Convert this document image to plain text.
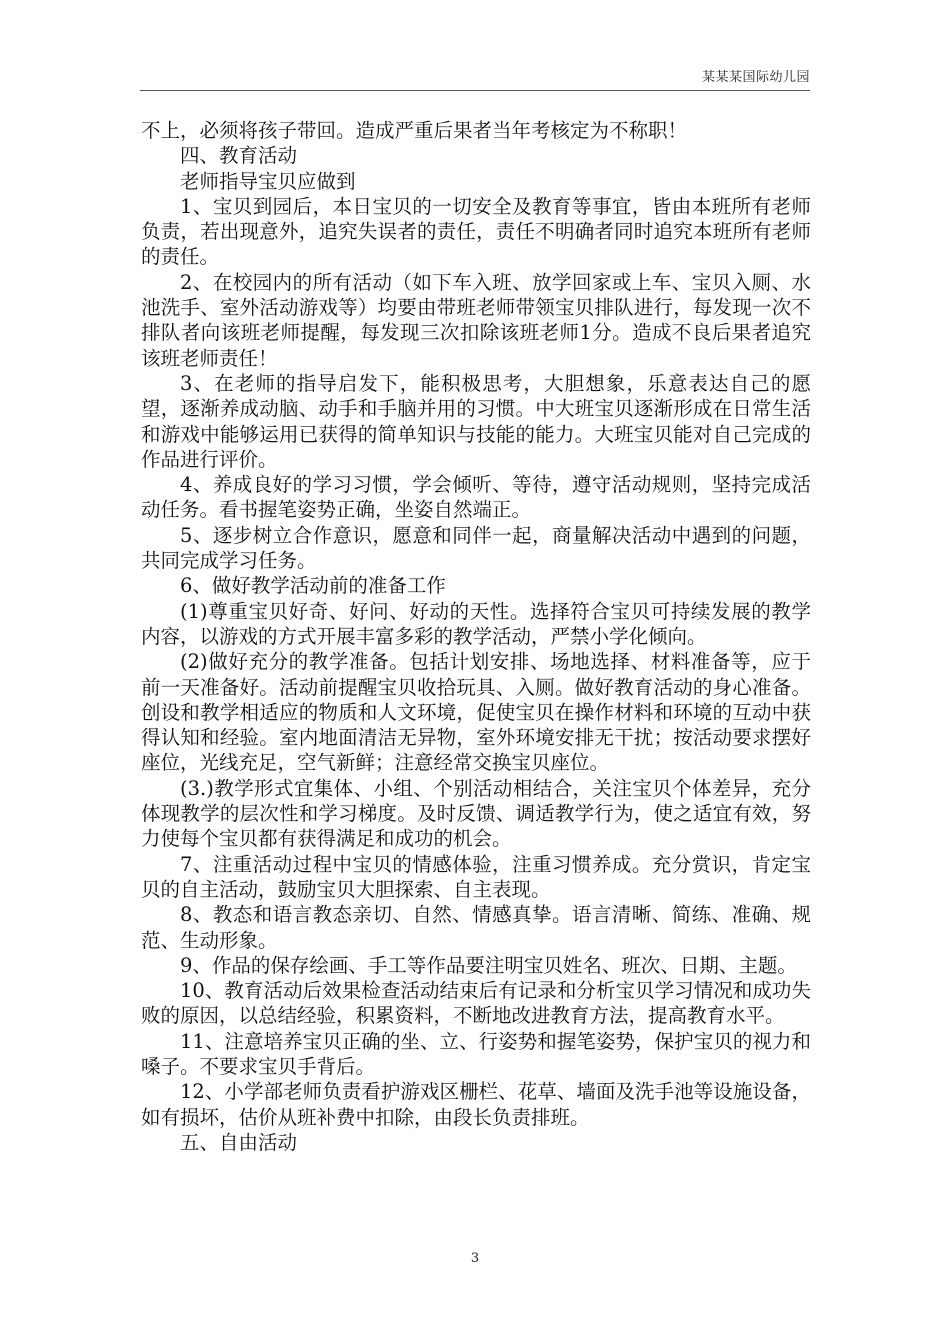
某某某国际幼儿园

不上，必须将孩子带回。造成严重后果者当年考核定为不称职！

四、教育活动

老师指导宝贝应做到

1、宝贝到园后，本日宝贝的一切安全及教育等事宜，皆由本班所有老师负责，若出现意外，追究失误者的责任，责任不明确者同时追究本班所有老师的责任。

2、在校园内的所有活动（如下车入班、放学回家或上车、宝贝入厕、水池洗手、室外活动游戏等）均要由带班老师带领宝贝排队进行，每发现一次不排队者向该班老师提醒，每发现三次扣除该班老师1分。造成不良后果者追究该班老师责任！

3、在老师的指导启发下，能积极思考，大胆想象，乐意表达自己的愿望，逐渐养成动脑、动手和手脑并用的习惯。中大班宝贝逐渐形成在日常生活和游戏中能够运用已获得的简单知识与技能的能力。大班宝贝能对自己完成的作品进行评价。

4、养成良好的学习习惯，学会倾听、等待，遵守活动规则，坚持完成活动任务。看书握笔姿势正确，坐姿自然端正。

5、逐步树立合作意识，愿意和同伴一起，商量解决活动中遇到的问题，共同完成学习任务。

6、做好教学活动前的准备工作

(1)尊重宝贝好奇、好问、好动的天性。选择符合宝贝可持续发展的教学内容，以游戏的方式开展丰富多彩的教学活动，严禁小学化倾向。

(2)做好充分的教学准备。包括计划安排、场地选择、材料准备等，应于前一天准备好。活动前提醒宝贝收拾玩具、入厕。做好教育活动的身心准备。创设和教学相适应的物质和人文环境，促使宝贝在操作材料和环境的互动中获得认知和经验。室内地面清洁无异物，室外环境安排无干扰；按活动要求摆好座位，光线充足，空气新鲜；注意经常交换宝贝座位。

(3.)教学形式宜集体、小组、个别活动相结合，关注宝贝个体差异，充分体现教学的层次性和学习梯度。及时反馈、调适教学行为，使之适宜有效，努力使每个宝贝都有获得满足和成功的机会。

7、注重活动过程中宝贝的情感体验，注重习惯养成。充分赏识，肯定宝贝的自主活动，鼓励宝贝大胆探索、自主表现。

8、教态和语言教态亲切、自然、情感真挚。语言清晰、简练、准确、规范、生动形象。

9、作品的保存绘画、手工等作品要注明宝贝姓名、班次、日期、主题。

10、教育活动后效果检查活动结束后有记录和分析宝贝学习情况和成功失败的原因，以总结经验，积累资料，不断地改进教育方法，提高教育水平。

11、注意培养宝贝正确的坐、立、行姿势和握笔姿势，保护宝贝的视力和嗓子。不要求宝贝手背后。

12、小学部老师负责看护游戏区栅栏、花草、墙面及洗手池等设施设备，如有损坏，估价从班补费中扣除，由段长负责排班。

五、自由活动

3
